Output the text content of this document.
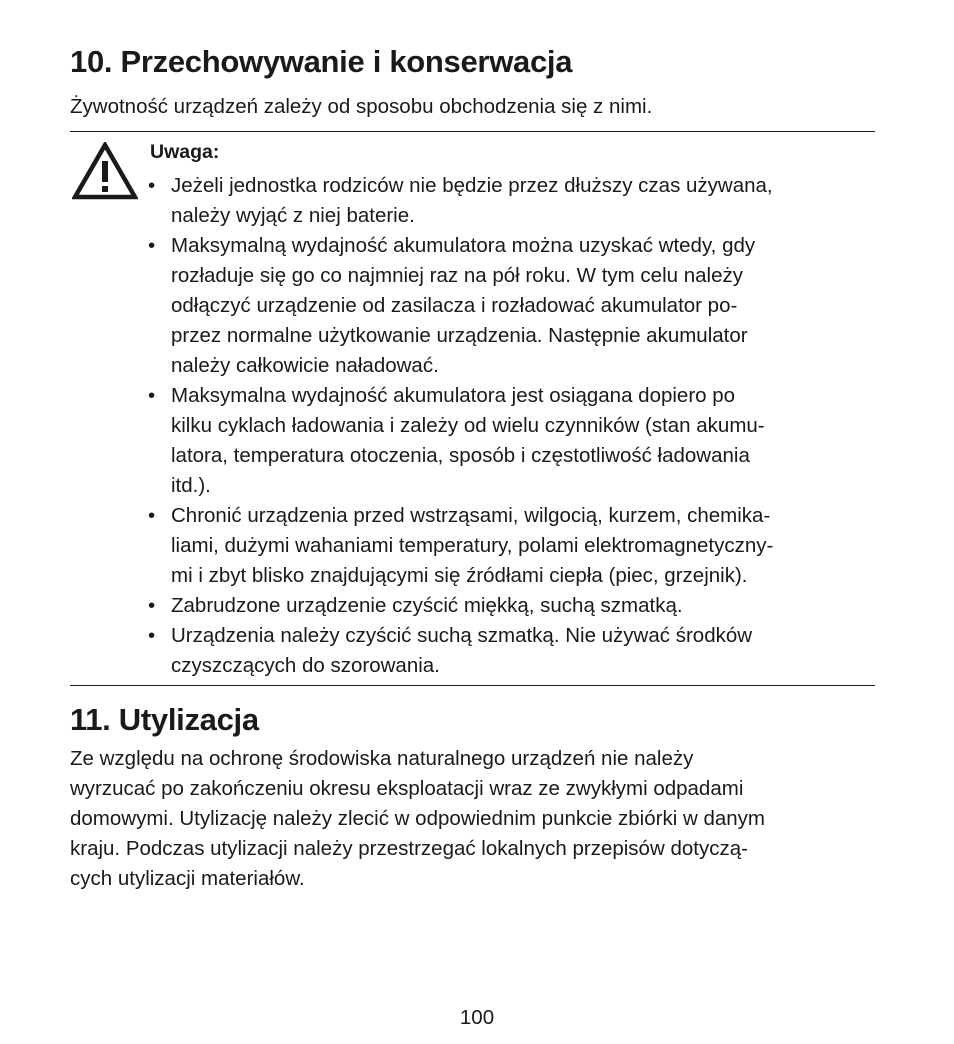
10. Przechowywanie i konserwacja
Żywotność urządzeń zależy od sposobu obchodzenia się z nimi.
Uwaga:
• Jeżeli jednostka rodziców nie będzie przez dłuższy czas używana,
należy wyjąć z niej baterie.
• Maksymalną wydajność akumulatora można uzyskać wtedy, gdy
rozładuje się go co najmniej raz na pół roku. W tym celu należy
odłączyć urządzenie od zasilacza i rozładować akumulator po-
przez normalne użytkowanie urządzenia. Następnie akumulator
należy całkowicie naładować.
• Maksymalna wydajność akumulatora jest osiągana dopiero po
kilku cyklach ładowania i zależy od wielu czynników (stan akumu-
latora, temperatura otoczenia, sposób i częstotliwość ładowania
itd.).
• Chronić urządzenia przed wstrząsami, wilgocią, kurzem, chemika-
liami, dużymi wahaniami temperatury, polami elektromagnetyczny-
mi i zbyt blisko znajdującymi się źródłami ciepła (piec, grzejnik).
• Zabrudzone urządzenie czyścić miękką, suchą szmatką.
• Urządzenia należy czyścić suchą szmatką. Nie używać środków
czyszczących do szorowania.
11. Utylizacja
Ze względu na ochronę środowiska naturalnego urządzeń nie należy
wyrzucać po zakończeniu okresu eksploatacji wraz ze zwykłymi odpadami
domowymi. Utylizację należy zlecić w odpowiednim punkcie zbiórki w danym
kraju. Podczas utylizacji należy przestrzegać lokalnych przepisów dotyczą-
cych utylizacji materiałów.
100
